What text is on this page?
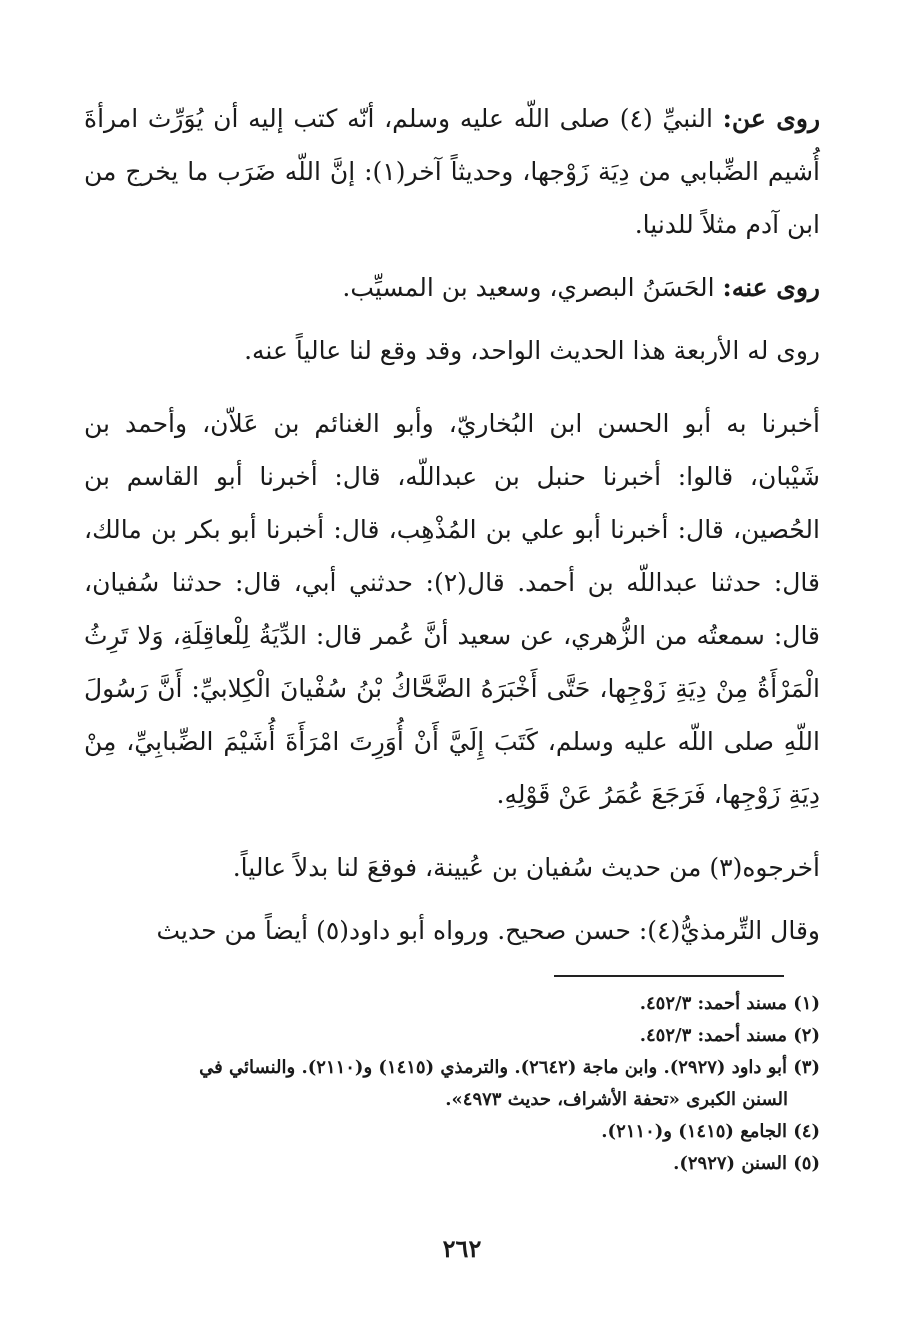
روى عن: النبيِّ (٤) صلى اللّه عليه وسلم، أنّه كتب إليه أن يُوَرِّث امرأةَ أُشيم الضِّبابي من دِيَة زَوْجها، وحديثاً آخر(١): إنَّ اللّه ضَرَب ما يخرج من ابن آدم مثلاً للدنيا.

روى عنه: الحَسَنُ البصري، وسعيد بن المسيِّب.

روى له الأربعة هذا الحديث الواحد، وقد وقع لنا عالياً عنه.

أخبرنا به أبو الحسن ابن البُخاريّ، وأبو الغنائم بن عَلاّن، وأحمد بن شَيْبان، قالوا: أخبرنا حنبل بن عبداللّه، قال: أخبرنا أبو القاسم بن الحُصين، قال: أخبرنا أبو علي بن المُذْهِب، قال: أخبرنا أبو بكر بن مالك، قال: حدثنا عبداللّه بن أحمد. قال(٢): حدثني أبي، قال: حدثنا سُفيان، قال: سمعتُه من الزُّهري، عن سعيد أنَّ عُمر قال: الدِّيَةُ لِلْعاقِلَةِ، وَلا تَرِثُ الْمَرْأَةُ مِنْ دِيَةِ زَوْجِها، حَتَّى أَخْبَرَهُ الضَّحَّاكُ بْنُ سُفْيانَ الْكِلابيِّ: أَنَّ رَسُولَ اللّهِ صلى اللّه عليه وسلم، كَتَبَ إِلَيَّ أَنْ أُوَرِتَ امْرَأَةَ أُشَيْمَ الضِّبابِيِّ، مِنْ دِيَةِ زَوْجِها، فَرَجَعَ عُمَرُ عَنْ قَوْلِهِ.

أخرجوه(٣) من حديث سُفيان بن عُيينة، فوقعَ لنا بدلاً عالياً.

وقال التِّرمذيُّ(٤): حسن صحيح. ورواه أبو داود(٥) أيضاً من حديث

(١) مسند أحمد: ٤٥٢/٣.

(٢) مسند أحمد: ٤٥٢/٣.

(٣) أبو داود (٢٩٢٧). وابن ماجة (٢٦٤٢). والترمذي (١٤١٥) و(٢١١٠). والنسائي في

السنن الكبرى «تحفة الأشراف، حديث ٤٩٧٣».

(٤) الجامع (١٤١٥) و(٢١١٠).

(٥) السنن (٢٩٢٧).

٢٦٢
